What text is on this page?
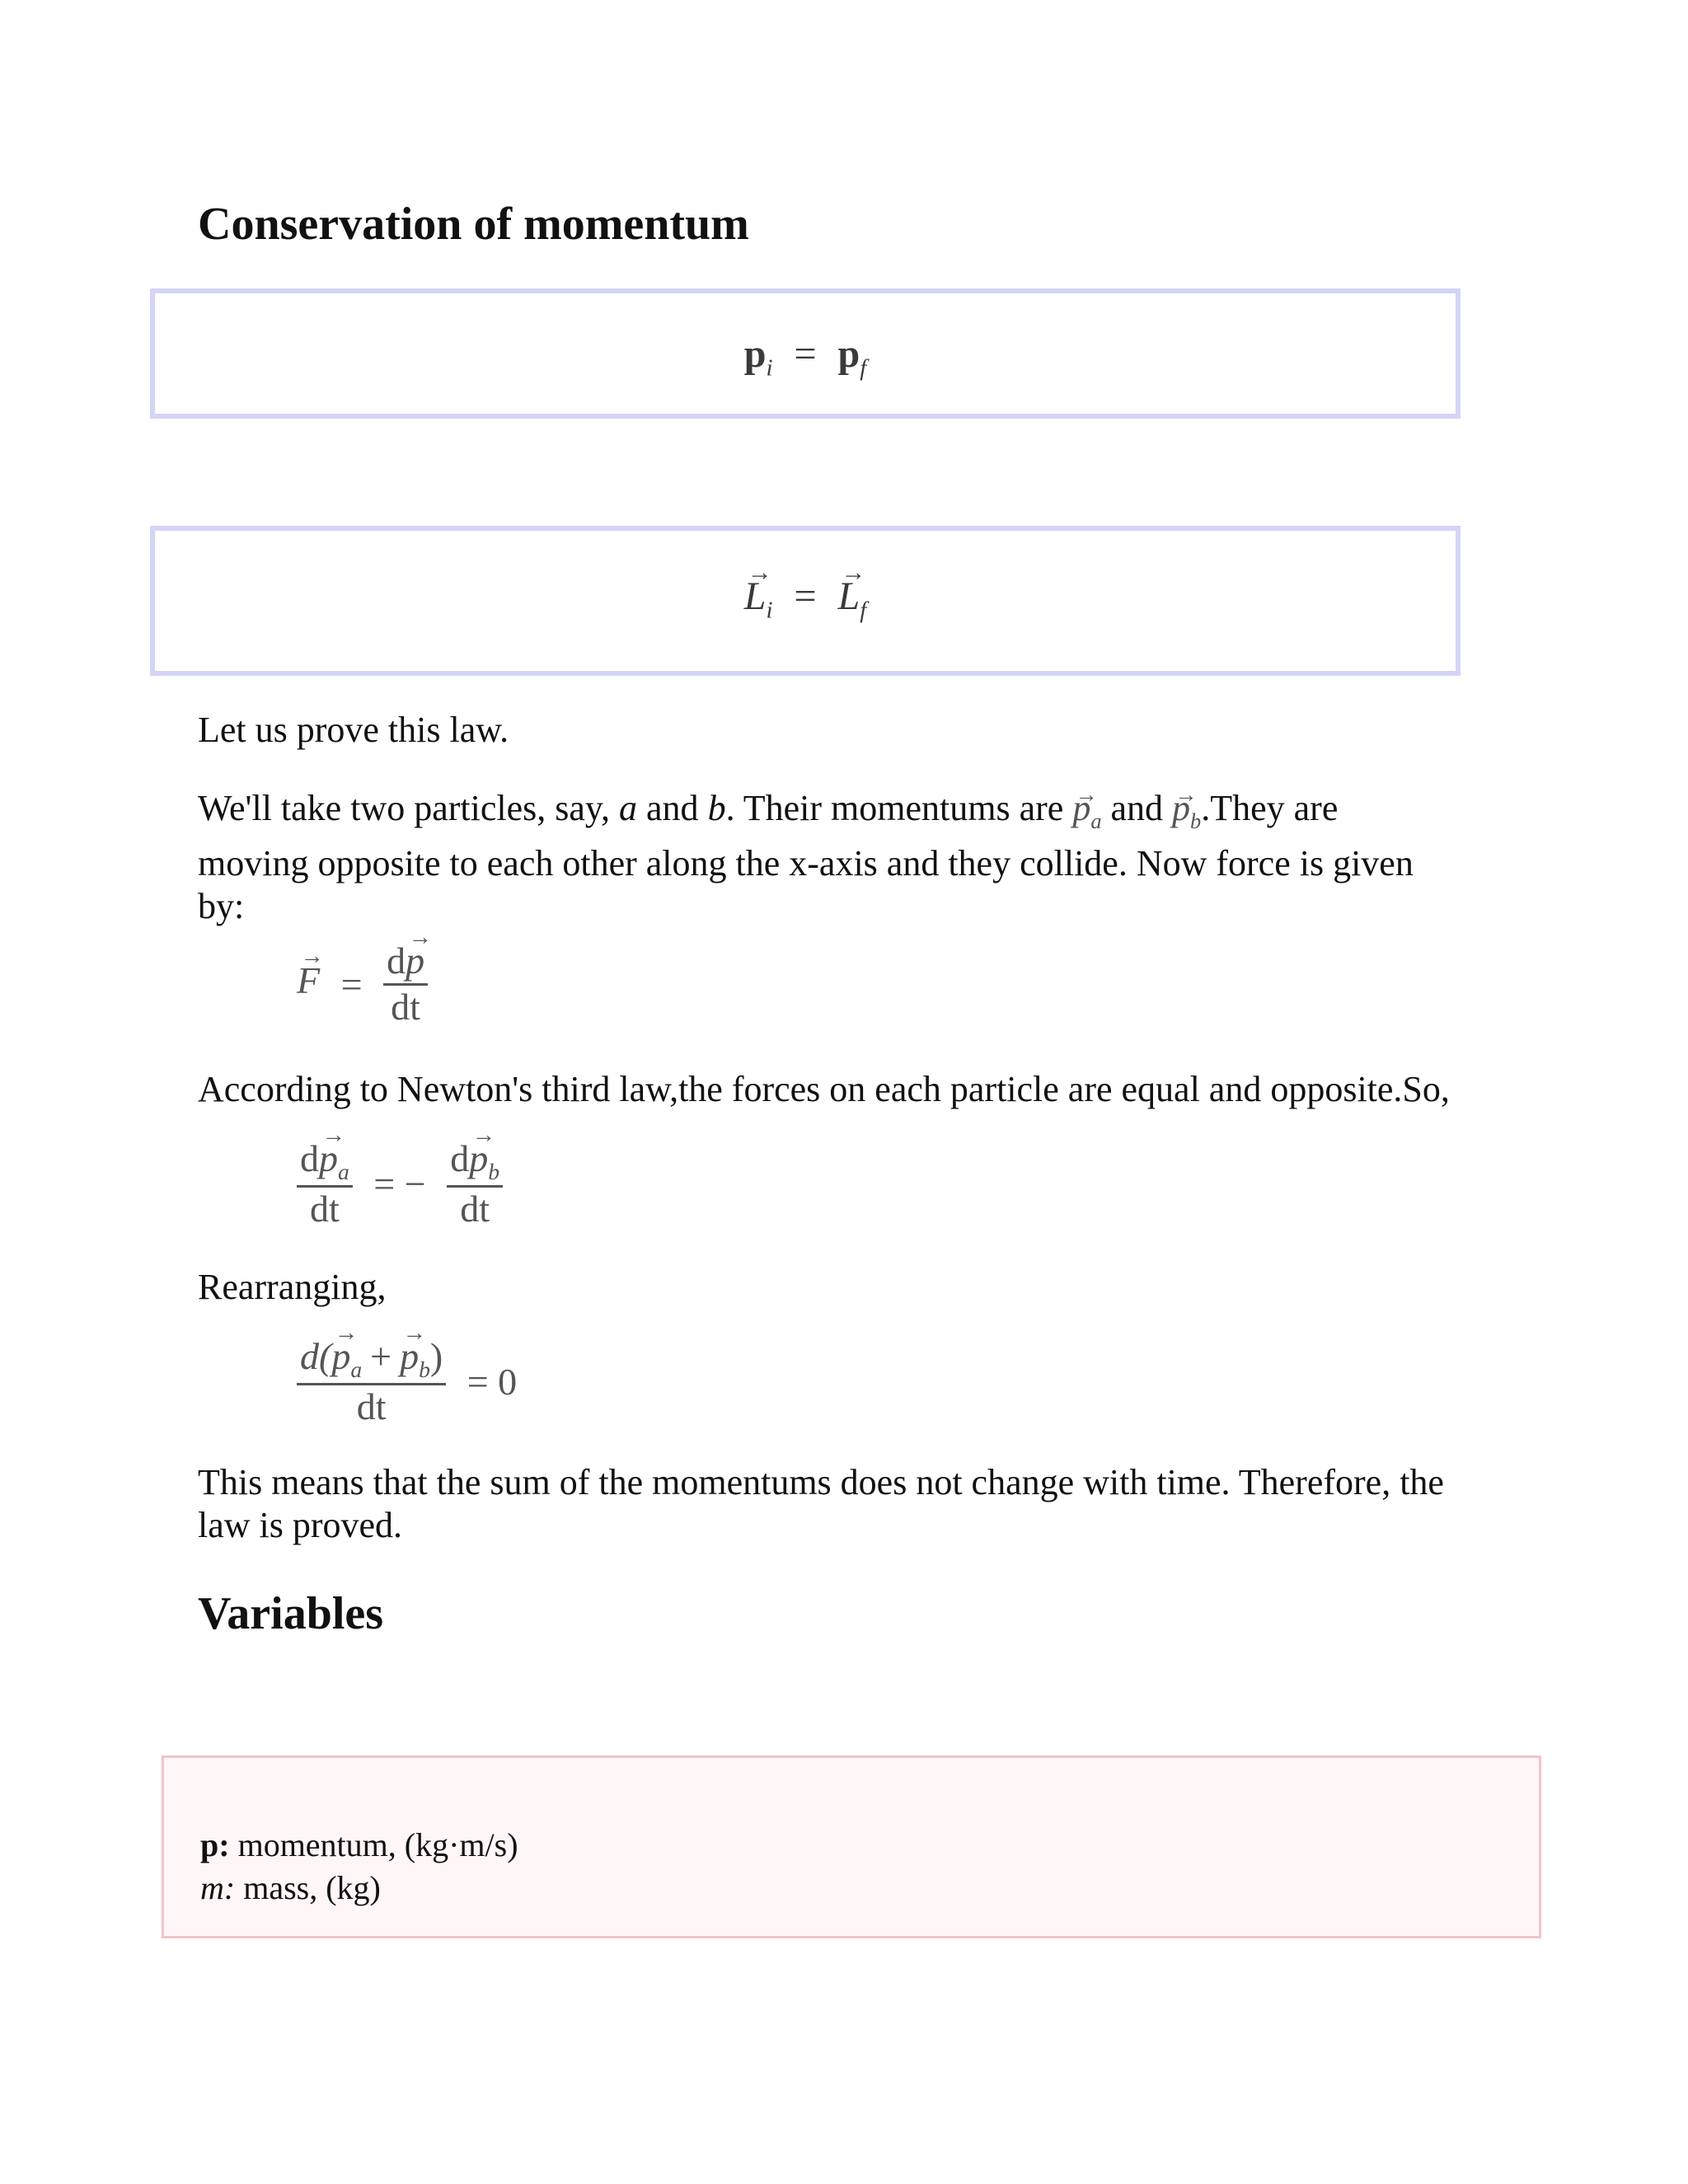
Conservation of momentum
$p_i = p_f$
→ $L_i$ = → $L_f$

Let us prove this law.

We'll take two particles, say, a and b. Their momentums are → $p_a$ and → $p_b.They$ are
moving opposite to each other along the x-axis and they collide. Now force is given
by:
→ $F = \frac{d\to p}{dt}$

According to Newton's third law,the forces on each particle are equal and opposite.So,

$\frac{d\to p_a}{dt}$ = − $\frac{d\to p_b}{dt}$

Rearranging,

$\frac{d(\to p_a + \to p_b)}{dt} = 0$
This means that the sum of the momentums does not change with time. Therefore, the
law is proved.
Variables
p: momentum, (kg·m/s)
m: mass, (kg)
